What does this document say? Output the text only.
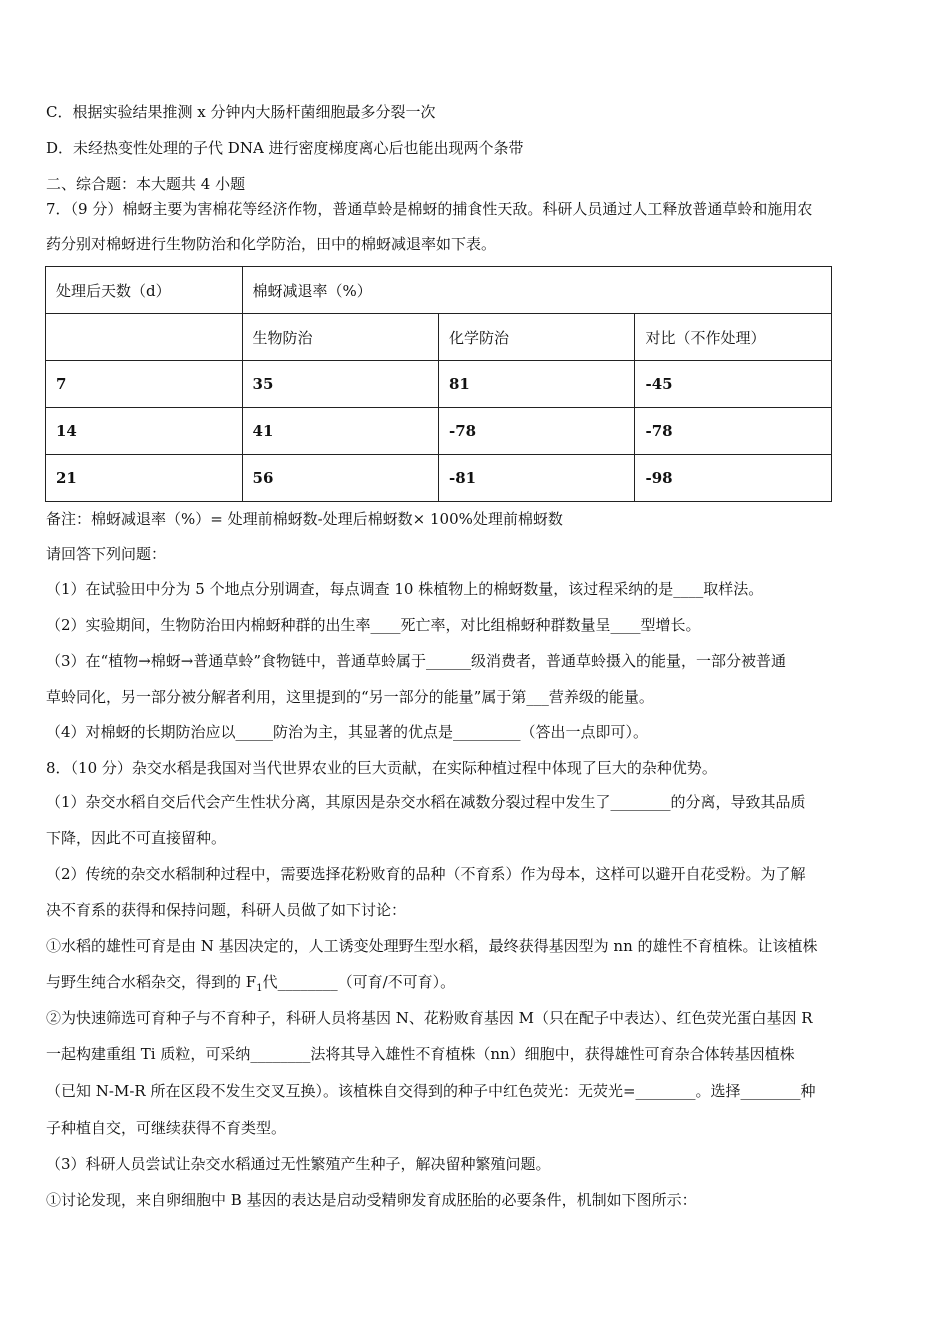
C．根据实验结果推测 x 分钟内大肠杆菌细胞最多分裂一次
D．未经热变性处理的子代 DNA 进行密度梯度离心后也能出现两个条带
二、综合题：本大题共 4 小题
7．（9 分）棉蚜主要为害棉花等经济作物，普通草蛉是棉蚜的捕食性天敌。科研人员通过人工释放普通草蛉和施用农
药分别对棉蚜进行生物防治和化学防治，田中的棉蚜减退率如下表。
处理后天数（d）	棉蚜减退率（%）		
	生物防治	化学防治	对比（不作处理）
7	35	81	-45
14	41	-78	-78
21	56	-81	-98
备注：棉蚜减退率（%）= 处理前棉蚜数-处理后棉蚜数× 100%处理前棉蚜数
请回答下列问题：
（1）在试验田中分为 5 个地点分别调查，每点调查 10 株植物上的棉蚜数量，该过程采纳的是____取样法。
（2）实验期间，生物防治田内棉蚜种群的出生率____死亡率，对比组棉蚜种群数量呈____型增长。
（3）在“植物→棉蚜→普通草蛉”食物链中，普通草蛉属于______级消费者，普通草蛉摄入的能量，一部分被普通
草蛉同化，另一部分被分解者利用，这里提到的“另一部分的能量”属于第___营养级的能量。
（4）对棉蚜的长期防治应以_____防治为主，其显著的优点是_________（答出一点即可）。
8．（10 分）杂交水稻是我国对当代世界农业的巨大贡献，在实际种植过程中体现了巨大的杂种优势。
（1）杂交水稻自交后代会产生性状分离，其原因是杂交水稻在减数分裂过程中发生了________的分离，导致其品质
下降，因此不可直接留种。
（2）传统的杂交水稻制种过程中，需要选择花粉败育的品种（不育系）作为母本，这样可以避开自花受粉。为了解
决不育系的获得和保持问题，科研人员做了如下讨论：
①水稻的雄性可育是由 N 基因决定的，人工诱变处理野生型水稻，最终获得基因型为 nn 的雄性不育植株。让该植株
与野生纯合水稻杂交，得到的 $F_1$代________（可育/不可育）。
②为快速筛选可育种子与不育种子，科研人员将基因 N、花粉败育基因 M（只在配子中表达）、红色荧光蛋白基因 R
一起构建重组 Ti 质粒，可采纳________法将其导入雄性不育植株（nn）细胞中，获得雄性可育杂合体转基因植株
（已知 N-M-R 所在区段不发生交叉互换）。该植株自交得到的种子中红色荧光：无荧光=________。选择________种
子种植自交，可继续获得不育类型。
（3）科研人员尝试让杂交水稻通过无性繁殖产生种子，解决留种繁殖问题。
①讨论发现，来自卵细胞中 B 基因的表达是启动受精卵发育成胚胎的必要条件，机制如下图所示：
